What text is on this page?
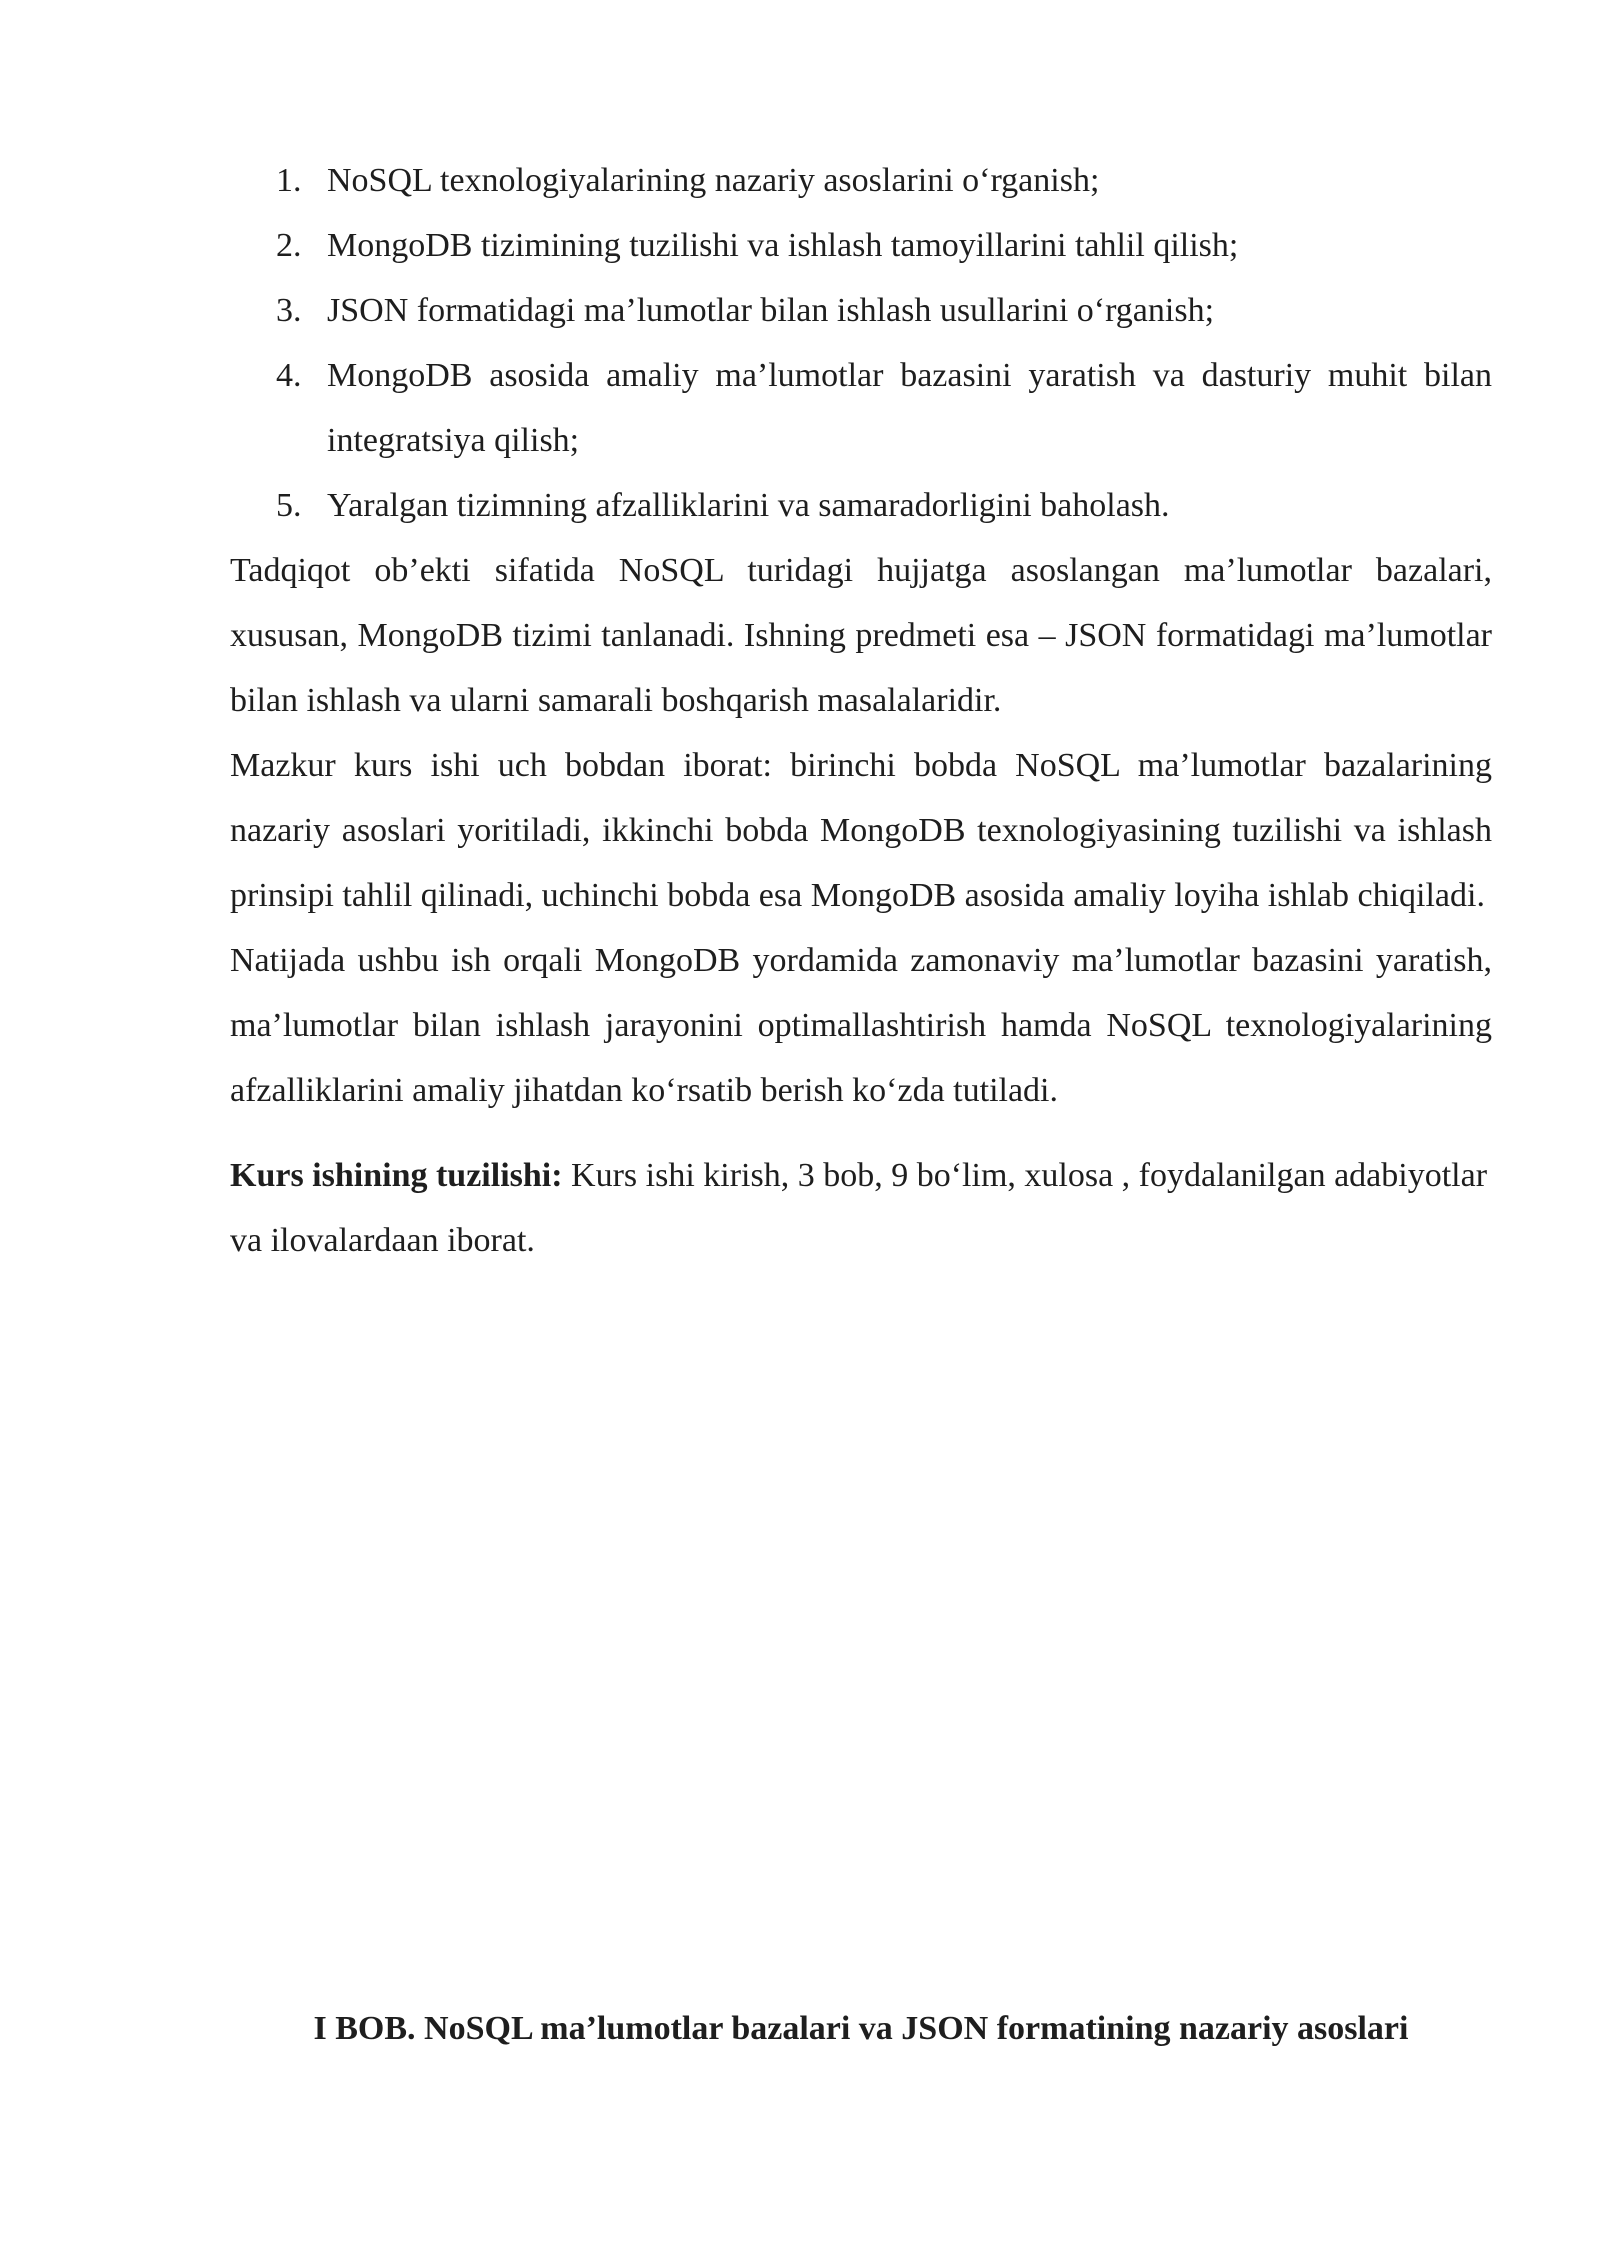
1. NoSQL texnologiyalarining nazariy asoslarini o‘rganish;
2. MongoDB tizimining tuzilishi va ishlash tamoyillarini tahlil qilish;
3. JSON formatidagi ma’lumotlar bilan ishlash usullarini o‘rganish;
4. MongoDB asosida amaliy ma’lumotlar bazasini yaratish va dasturiy muhit bilan integratsiya qilish;
5. Yaralgan tizimning afzalliklarini va samaradorligini baholash.

Tadqiqot ob’ekti sifatida NoSQL turidagi hujjatga asoslangan ma’lumotlar bazalari, xususan, MongoDB tizimi tanlanadi. Ishning predmeti esa – JSON formatidagi ma’lumotlar bilan ishlash va ularni samarali boshqarish masalalaridir.

Mazkur kurs ishi uch bobdan iborat: birinchi bobda NoSQL ma’lumotlar bazalarining nazariy asoslari yoritiladi, ikkinchi bobda MongoDB texnologiyasining tuzilishi va ishlash prinsipi tahlil qilinadi, uchinchi bobda esa MongoDB asosida amaliy loyiha ishlab chiqiladi.

Natijada ushbu ish orqali MongoDB yordamida zamonaviy ma’lumotlar bazasini yaratish, ma’lumotlar bilan ishlash jarayonini optimallashtirish hamda NoSQL texnologiyalarining afzalliklarini amaliy jihatdan ko‘rsatib berish ko‘zda tutiladi.

Kurs ishining tuzilishi: Kurs ishi kirish, 3 bob, 9 bo‘lim, xulosa , foydalanilgan adabiyotlar va ilovalardaan iborat.

I BOB. NoSQL ma’lumotlar bazalari va JSON formatining nazariy asoslari
